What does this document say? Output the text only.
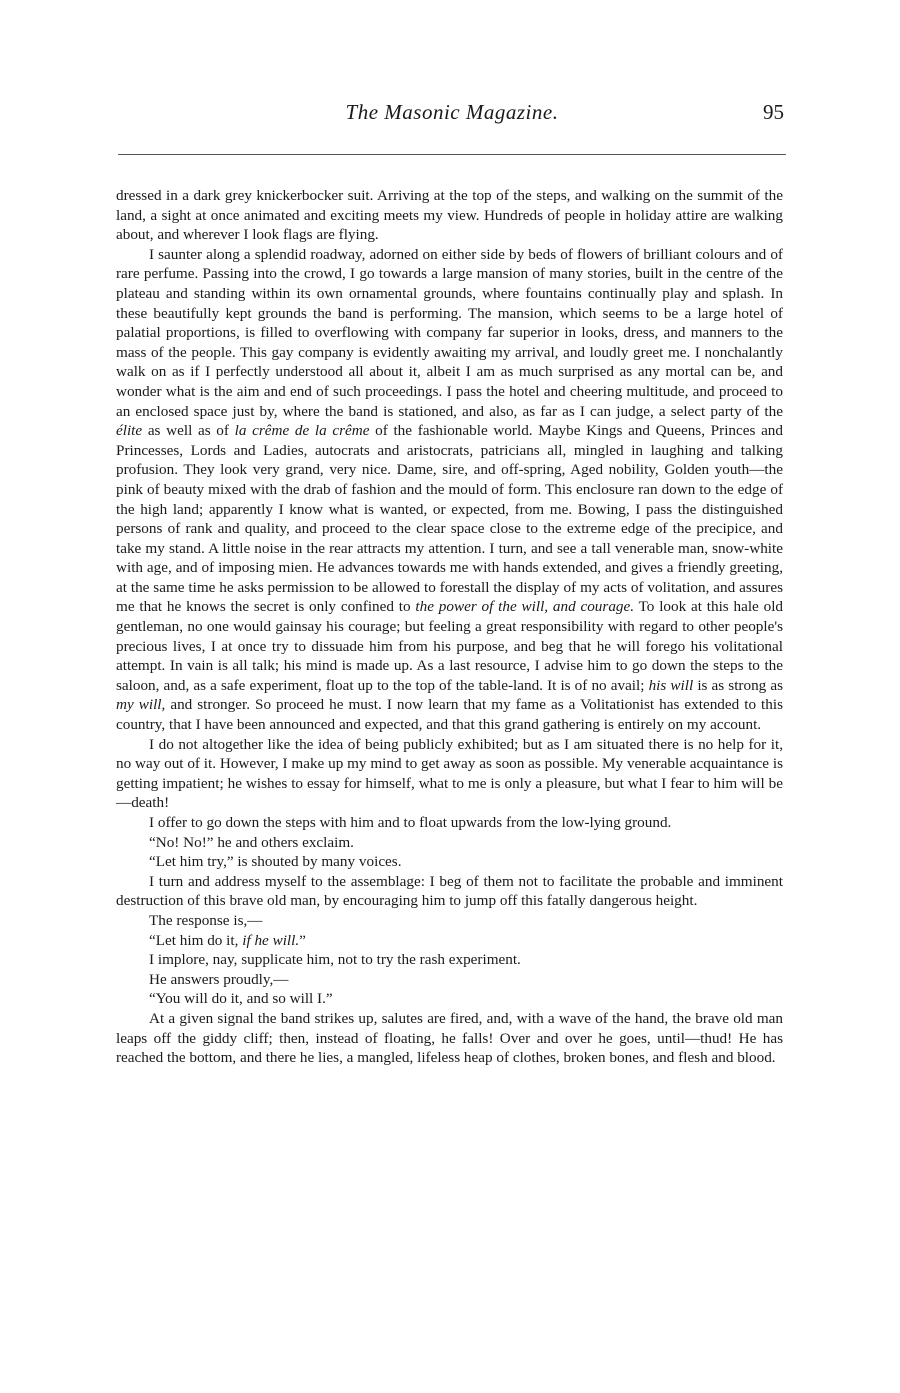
The Masonic Magazine.	95

dressed in a dark grey knickerbocker suit. Arriving at the top of the steps, and walking on the summit of the land, a sight at once animated and exciting meets my view. Hundreds of people in holiday attire are walking about, and wherever I look flags are flying.

I saunter along a splendid roadway, adorned on either side by beds of flowers of brilliant colours and of rare perfume. Passing into the crowd, I go towards a large mansion of many stories, built in the centre of the plateau and standing within its own ornamental grounds, where fountains continually play and splash. In these beautifully kept grounds the band is performing. The mansion, which seems to be a large hotel of palatial proportions, is filled to overflowing with company far superior in looks, dress, and manners to the mass of the people. This gay company is evidently awaiting my arrival, and loudly greet me. I nonchalantly walk on as if I perfectly understood all about it, albeit I am as much surprised as any mortal can be, and wonder what is the aim and end of such proceedings. I pass the hotel and cheering multitude, and proceed to an enclosed space just by, where the band is stationed, and also, as far as I can judge, a select party of the élite as well as of la crême de la crême of the fashionable world. Maybe Kings and Queens, Princes and Princesses, Lords and Ladies, autocrats and aristocrats, patricians all, mingled in laughing and talking profusion. They look very grand, very nice. Dame, sire, and off-spring, Aged nobility, Golden youth—the pink of beauty mixed with the drab of fashion and the mould of form. This enclosure ran down to the edge of the high land; apparently I know what is wanted, or expected, from me. Bowing, I pass the distinguished persons of rank and quality, and proceed to the clear space close to the extreme edge of the precipice, and take my stand. A little noise in the rear attracts my attention. I turn, and see a tall venerable man, snow-white with age, and of imposing mien. He advances towards me with hands extended, and gives a friendly greeting, at the same time he asks permission to be allowed to forestall the display of my acts of volitation, and assures me that he knows the secret is only confined to the power of the will, and courage. To look at this hale old gentleman, no one would gainsay his courage; but feeling a great responsibility with regard to other people's precious lives, I at once try to dissuade him from his purpose, and beg that he will forego his volitational attempt. In vain is all talk; his mind is made up. As a last resource, I advise him to go down the steps to the saloon, and, as a safe experiment, float up to the top of the table-land. It is of no avail; his will is as strong as my will, and stronger. So proceed he must. I now learn that my fame as a Volitationist has extended to this country, that I have been announced and expected, and that this grand gathering is entirely on my account.

I do not altogether like the idea of being publicly exhibited; but as I am situated there is no help for it, no way out of it. However, I make up my mind to get away as soon as possible. My venerable acquaintance is getting impatient; he wishes to essay for himself, what to me is only a pleasure, but what I fear to him will be—death!

I offer to go down the steps with him and to float upwards from the low-lying ground.

“No! No!” he and others exclaim.

“Let him try,” is shouted by many voices.

I turn and address myself to the assemblage: I beg of them not to facilitate the probable and imminent destruction of this brave old man, by encouraging him to jump off this fatally dangerous height.

The response is,—

“Let him do it, if he will.”

I implore, nay, supplicate him, not to try the rash experiment.

He answers proudly,—

“You will do it, and so will I.”

At a given signal the band strikes up, salutes are fired, and, with a wave of the hand, the brave old man leaps off the giddy cliff; then, instead of floating, he falls! Over and over he goes, until—thud! He has reached the bottom, and there he lies, a mangled, lifeless heap of clothes, broken bones, and flesh and blood.
